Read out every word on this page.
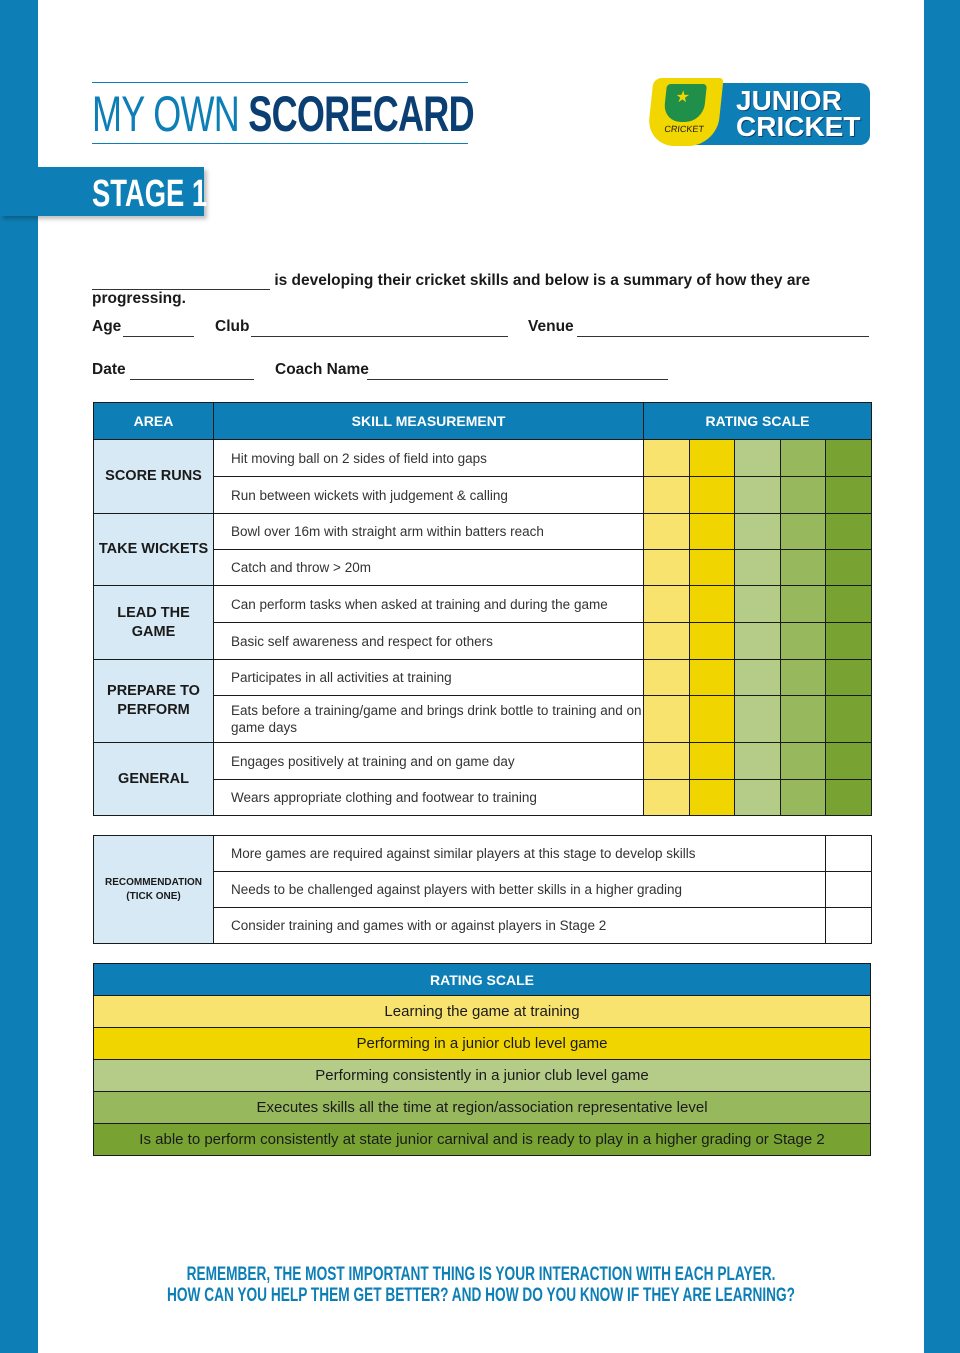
MY OWN SCORECARD
STAGE 1
★
CRICKET
JUNIOR
CRICKET
is developing their cricket skills and below is a summary of how they are progressing.
Age	Club	Venue
Date	Coach Name
AREA	SKILL MEASUREMENT	RATING SCALE				
SCORE RUNS	Hit moving ball on 2 sides of field into gaps					
	Run between wickets with judgement & calling					
TAKE WICKETS	Bowl over 16m with straight arm within batters reach					
	Catch and throw > 20m					

LEAD THE
GAME	Can perform tasks when asked at training and during the game					
	Basic self awareness and respect for others					

PREPARE TO
PERFORM	Participates in all activities at training					
	Eats before a training/game and brings drink bottle to training and on game days					
GENERAL	Engages positively at training and on game day					
	Wears appropriate clothing and footwear to training					
RECOMMENDATION
(TICK ONE)	More games are required against similar players at this stage to develop skills	
	Needs to be challenged against players with better skills in a higher grading	
	Consider training and games with or against players in Stage 2	
RATING SCALE
Learning the game at training
Performing in a junior club level game
Performing consistently in a junior club level game
Executes skills all the time at region/association representative level
Is able to perform consistently at state junior carnival and is ready to play in a higher grading or Stage 2
REMEMBER, THE MOST IMPORTANT THING IS YOUR INTERACTION WITH EACH PLAYER.
HOW CAN YOU HELP THEM GET BETTER? AND HOW DO YOU KNOW IF THEY ARE LEARNING?
